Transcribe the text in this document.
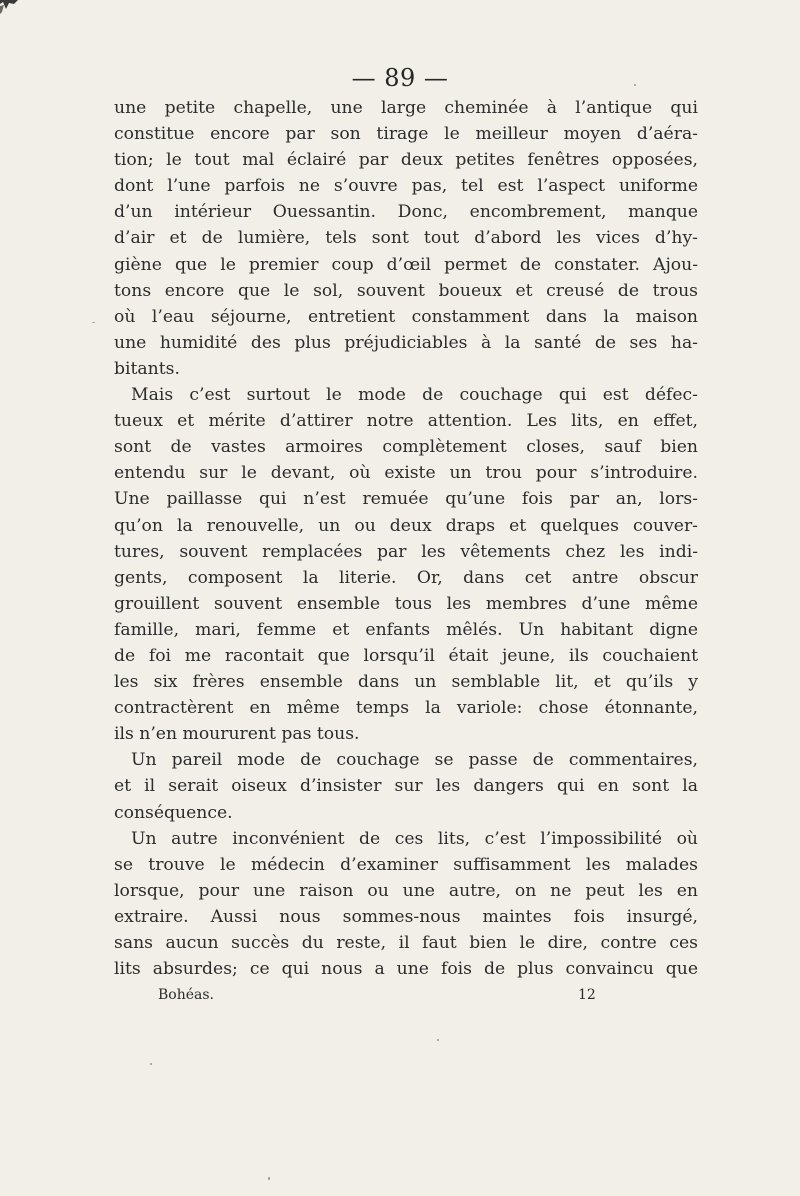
— 89 —
une petite chapelle, une large cheminée à l’antique qui
constitue encore par son tirage le meilleur moyen d’aéra-
tion; le tout mal éclairé par deux petites fenêtres opposées,
dont l’une parfois ne s’ouvre pas, tel est l’aspect uniforme
d’un intérieur Ouessantin. Donc, encombrement, manque
d’air et de lumière, tels sont tout d’abord les vices d’hy-
giène que le premier coup d’œil permet de constater. Ajou-
tons encore que le sol, souvent boueux et creusé de trous
où l’eau séjourne, entretient constamment dans la maison
une humidité des plus préjudiciables à la santé de ses ha-
bitants.
Mais c’est surtout le mode de couchage qui est défec-
tueux et mérite d’attirer notre attention. Les lits, en effet,
sont de vastes armoires complètement closes, sauf bien
entendu sur le devant, où existe un trou pour s’introduire.
Une paillasse qui n’est remuée qu’une fois par an, lors-
qu’on la renouvelle, un ou deux draps et quelques couver-
tures, souvent remplacées par les vêtements chez les indi-
gents, composent la literie. Or, dans cet antre obscur
grouillent souvent ensemble tous les membres d’une même
famille, mari, femme et enfants mêlés. Un habitant digne
de foi me racontait que lorsqu’il était jeune, ils couchaient
les six frères ensemble dans un semblable lit, et qu’ils y
contractèrent en même temps la variole: chose étonnante,
ils n’en moururent pas tous.
Un pareil mode de couchage se passe de commentaires,
et il serait oiseux d’insister sur les dangers qui en sont la
conséquence.
Un autre inconvénient de ces lits, c’est l’impossibilité où
se trouve le médecin d’examiner suffisamment les malades
lorsque, pour une raison ou une autre, on ne peut les en
extraire. Aussi nous sommes-nous maintes fois insurgé,
sans aucun succès du reste, il faut bien le dire, contre ces
lits absurdes; ce qui nous a une fois de plus convaincu que
Bohéas.	12
